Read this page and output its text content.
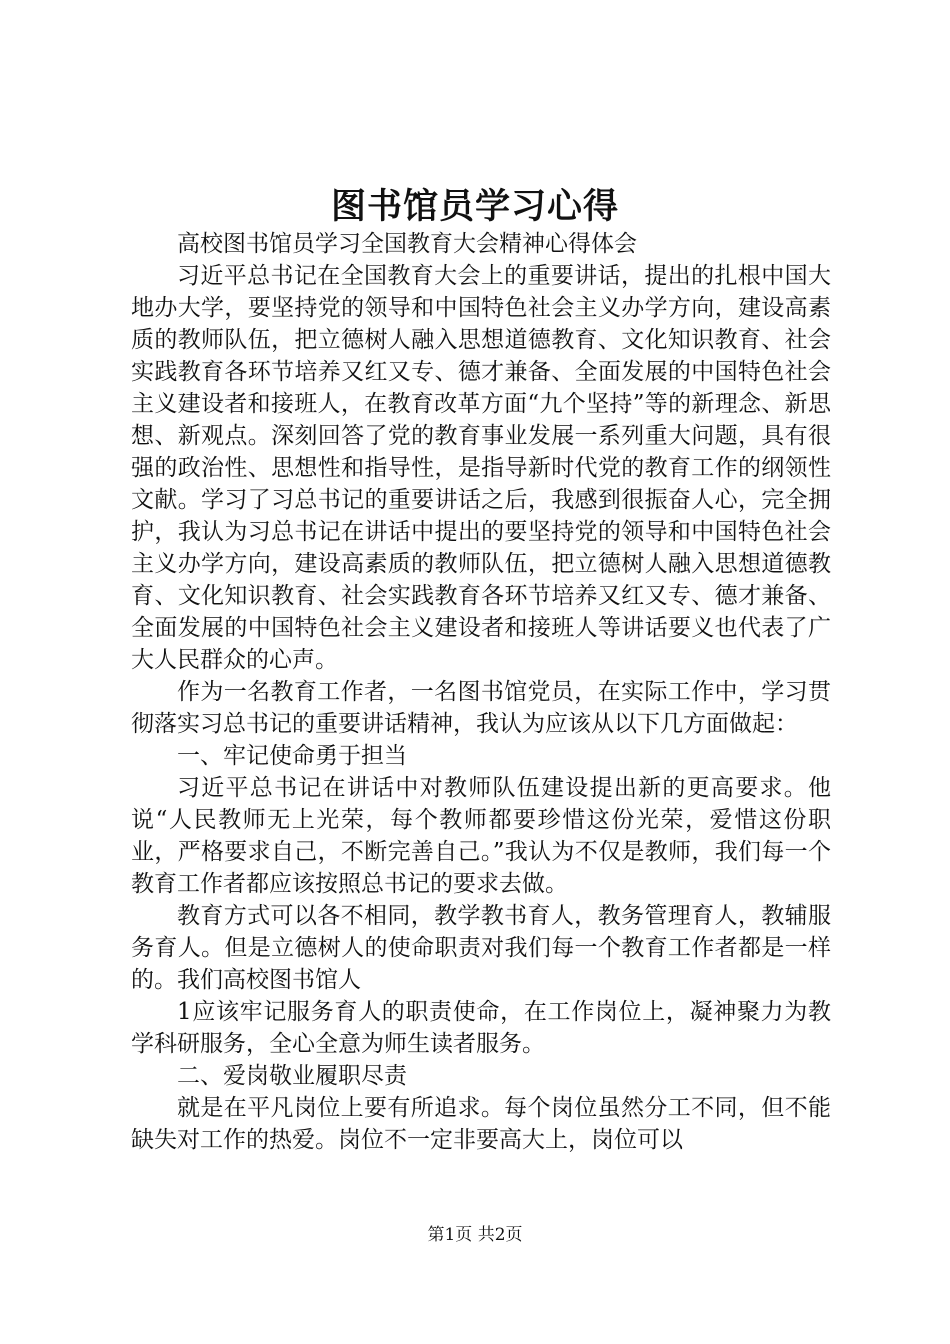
图书馆员学习心得

高校图书馆员学习全国教育大会精神心得体会

习近平总书记在全国教育大会上的重要讲话，提出的扎根中国大地办大学，要坚持党的领导和中国特色社会主义办学方向，建设高素质的教师队伍，把立德树人融入思想道德教育、文化知识教育、社会实践教育各环节培养又红又专、德才兼备、全面发展的中国特色社会主义建设者和接班人，在教育改革方面“九个坚持”等的新理念、新思想、新观点。深刻回答了党的教育事业发展一系列重大问题，具有很强的政治性、思想性和指导性，是指导新时代党的教育工作的纲领性文献。学习了习总书记的重要讲话之后，我感到很振奋人心，完全拥护，我认为习总书记在讲话中提出的要坚持党的领导和中国特色社会主义办学方向，建设高素质的教师队伍，把立德树人融入思想道德教育、文化知识教育、社会实践教育各环节培养又红又专、德才兼备、全面发展的中国特色社会主义建设者和接班人等讲话要义也代表了广大人民群众的心声。

作为一名教育工作者，一名图书馆党员，在实际工作中，学习贯彻落实习总书记的重要讲话精神，我认为应该从以下几方面做起：

一、牢记使命勇于担当

习近平总书记在讲话中对教师队伍建设提出新的更高要求。他说“人民教师无上光荣，每个教师都要珍惜这份光荣，爱惜这份职业，严格要求自己，不断完善自己。”我认为不仅是教师，我们每一个教育工作者都应该按照总书记的要求去做。

教育方式可以各不相同，教学教书育人，教务管理育人，教辅服务育人。但是立德树人的使命职责对我们每一个教育工作者都是一样的。我们高校图书馆人

1应该牢记服务育人的职责使命，在工作岗位上，凝神聚力为教学科研服务，全心全意为师生读者服务。

二、爱岗敬业履职尽责

就是在平凡岗位上要有所追求。每个岗位虽然分工不同，但不能缺失对工作的热爱。岗位不一定非要高大上，岗位可以

第1页 共2页
